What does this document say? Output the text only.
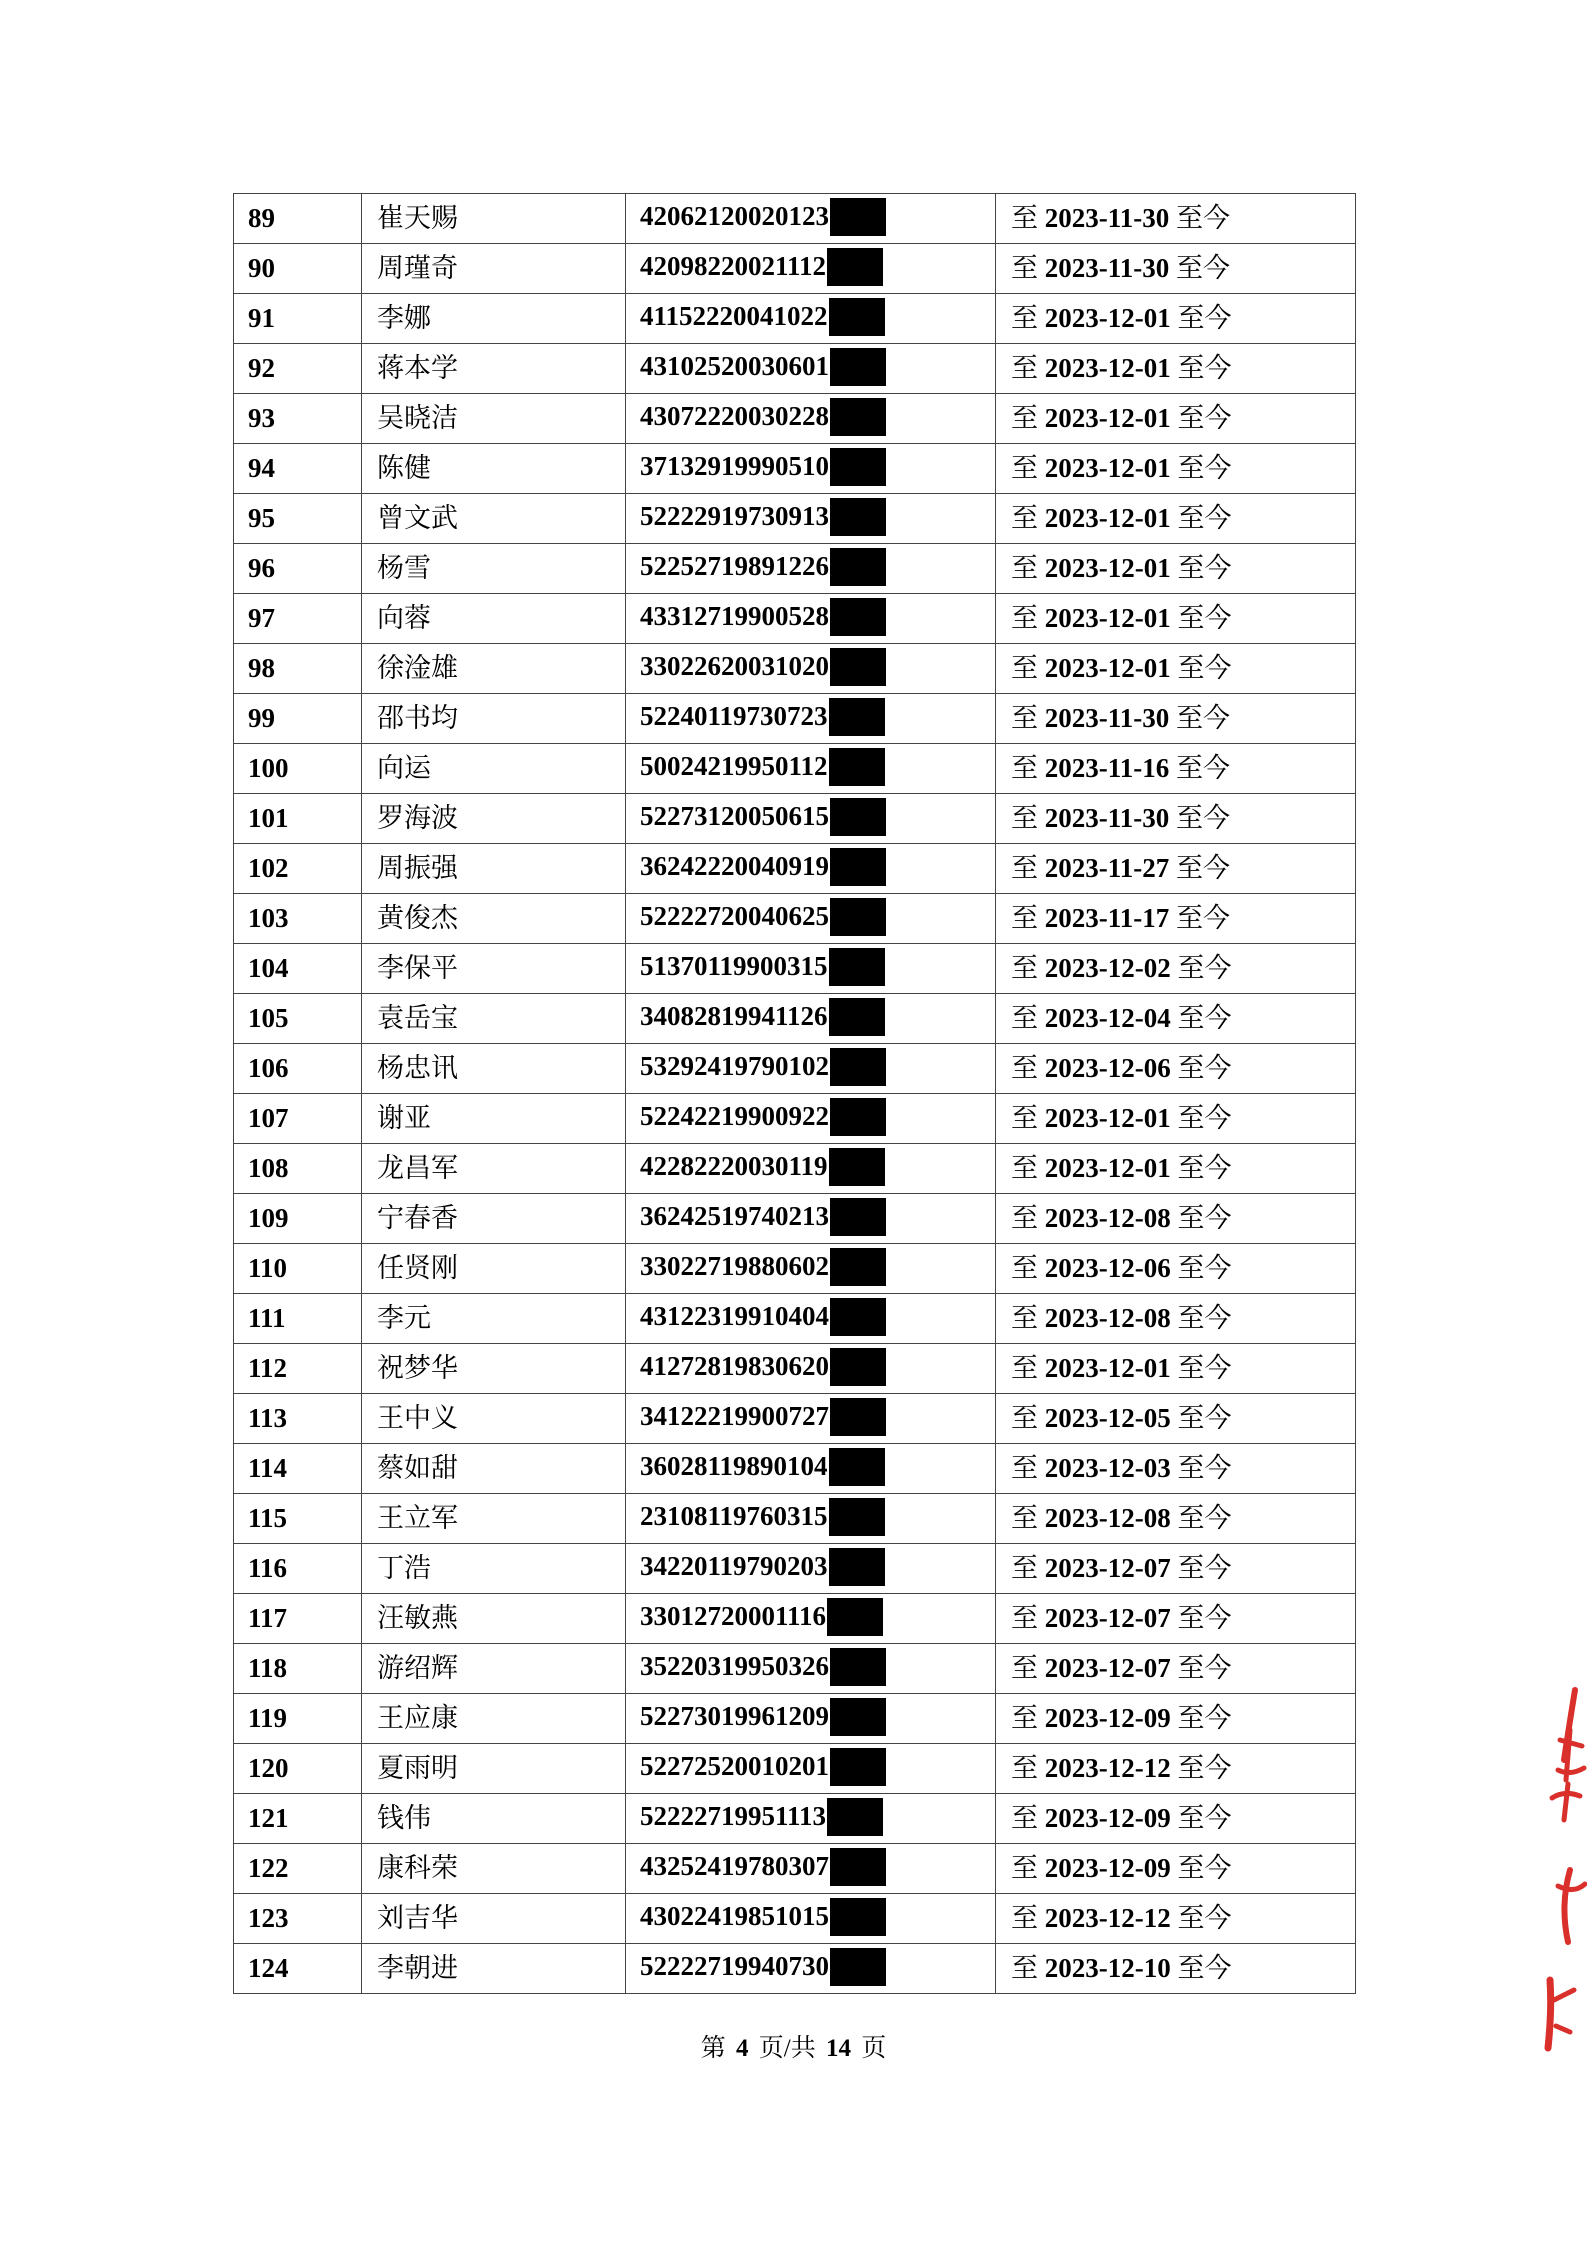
89	崔天赐	42062120020123	至 2023-11-30 至今
90	周瑾奇	42098220021112	至 2023-11-30 至今
91	李娜	41152220041022	至 2023-12-01 至今
92	蒋本学	43102520030601	至 2023-12-01 至今
93	吴晓洁	43072220030228	至 2023-12-01 至今
94	陈健	37132919990510	至 2023-12-01 至今
95	曾文武	52222919730913	至 2023-12-01 至今
96	杨雪	52252719891226	至 2023-12-01 至今
97	向蓉	43312719900528	至 2023-12-01 至今
98	徐淦雄	33022620031020	至 2023-12-01 至今
99	邵书均	52240119730723	至 2023-11-30 至今
100	向运	50024219950112	至 2023-11-16 至今
101	罗海波	52273120050615	至 2023-11-30 至今
102	周振强	36242220040919	至 2023-11-27 至今
103	黄俊杰	52222720040625	至 2023-11-17 至今
104	李保平	51370119900315	至 2023-12-02 至今
105	袁岳宝	34082819941126	至 2023-12-04 至今
106	杨忠讯	53292419790102	至 2023-12-06 至今
107	谢亚	52242219900922	至 2023-12-01 至今
108	龙昌军	42282220030119	至 2023-12-01 至今
109	宁春香	36242519740213	至 2023-12-08 至今
110	任贤刚	33022719880602	至 2023-12-06 至今
111	李元	43122319910404	至 2023-12-08 至今
112	祝梦华	41272819830620	至 2023-12-01 至今
113	王中义	34122219900727	至 2023-12-05 至今
114	蔡如甜	36028119890104	至 2023-12-03 至今
115	王立军	23108119760315	至 2023-12-08 至今
116	丁浩	34220119790203	至 2023-12-07 至今
117	汪敏燕	33012720001116	至 2023-12-07 至今
118	游绍辉	35220319950326	至 2023-12-07 至今
119	王应康	52273019961209	至 2023-12-09 至今
120	夏雨明	52272520010201	至 2023-12-12 至今
121	钱伟	52222719951113	至 2023-12-09 至今
122	康科荣	43252419780307	至 2023-12-09 至今
123	刘吉华	43022419851015	至 2023-12-12 至今
124	李朝进	52222719940730	至 2023-12-10 至今
第 4 页/共 14 页
